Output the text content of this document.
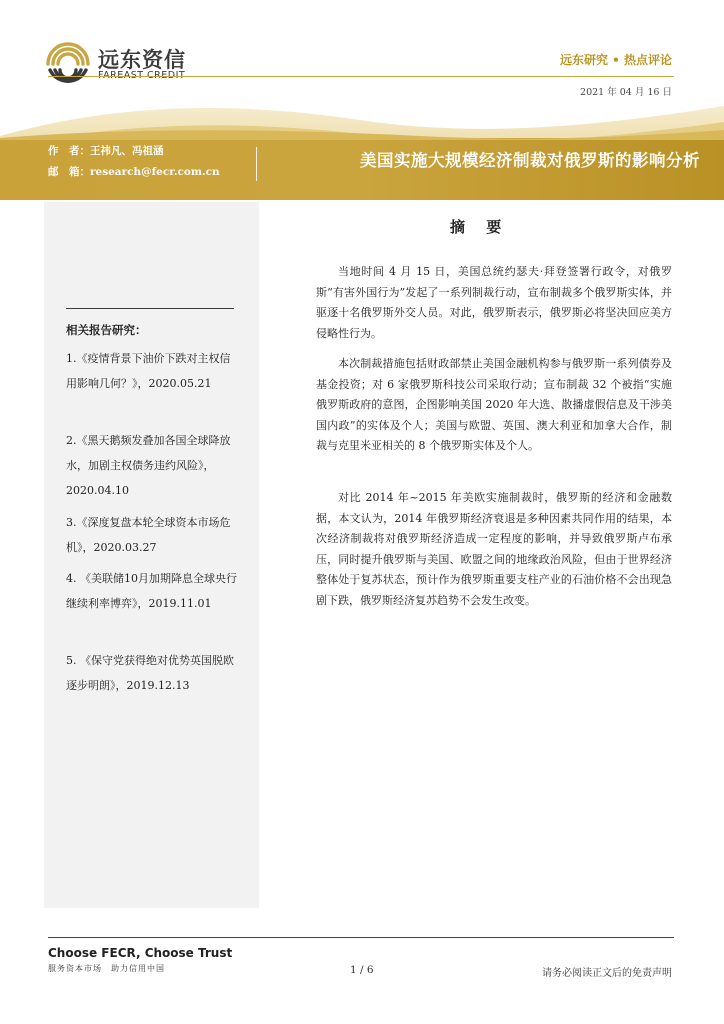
远东资信	远东研究 • 热点评论
2021 年 04 月 16 日
作　者：王祎凡、冯祖涵
邮　箱：research@fecr.com.cn
美国实施大规模经济制裁对俄罗斯的影响分析
相关报告研究：
1.《疫情背景下油价下跌对主权信用影响几何？》，2020.05.21
2.《黑天鹅频发叠加各国全球降放水，加剧主权债务违约风险》，2020.04.10
3.《深度复盘本轮全球资本市场危机》，2020.03.27
4. 《美联储10月加期降息全球央行继续利率博弈》，2019.11.01
5. 《保守党获得绝对优势英国脱欧逐步明朗》，2019.12.13
摘 要
当地时间 4 月 15 日，美国总统约瑟夫·拜登签署行政令，对俄罗斯“有害外国行为”发起了一系列制裁行动，宣布制裁多个俄罗斯实体，并驱逐十名俄罗斯外交人员。对此，俄罗斯表示，俄罗斯必将坚决回应美方侵略性行为。
本次制裁措施包括财政部禁止美国金融机构参与俄罗斯一系列债券及基金投资；对 6 家俄罗斯科技公司采取行动；宣布制裁 32 个被指“实施俄罗斯政府的意图，企图影响美国 2020 年大选、散播虚假信息及干涉美国内政”的实体及个人；美国与欧盟、英国、澳大利亚和加拿大合作，制裁与克里米亚相关的 8 个俄罗斯实体及个人。
对比 2014 年~2015 年美欧实施制裁时，俄罗斯的经济和金融数据，本文认为，2014 年俄罗斯经济衰退是多种因素共同作用的结果，本次经济制裁将对俄罗斯经济造成一定程度的影响，并导致俄罗斯卢布承压，同时提升俄罗斯与美国、欧盟之间的地缘政治风险，但由于世界经济整体处于复苏状态，预计作为俄罗斯重要支柱产业的石油价格不会出现急剧下跌，俄罗斯经济复苏趋势不会发生改变。
Choose FECR, Choose Trust
服务资本市场　助力信用中国	1 / 6	请务必阅读正文后的免责声明
